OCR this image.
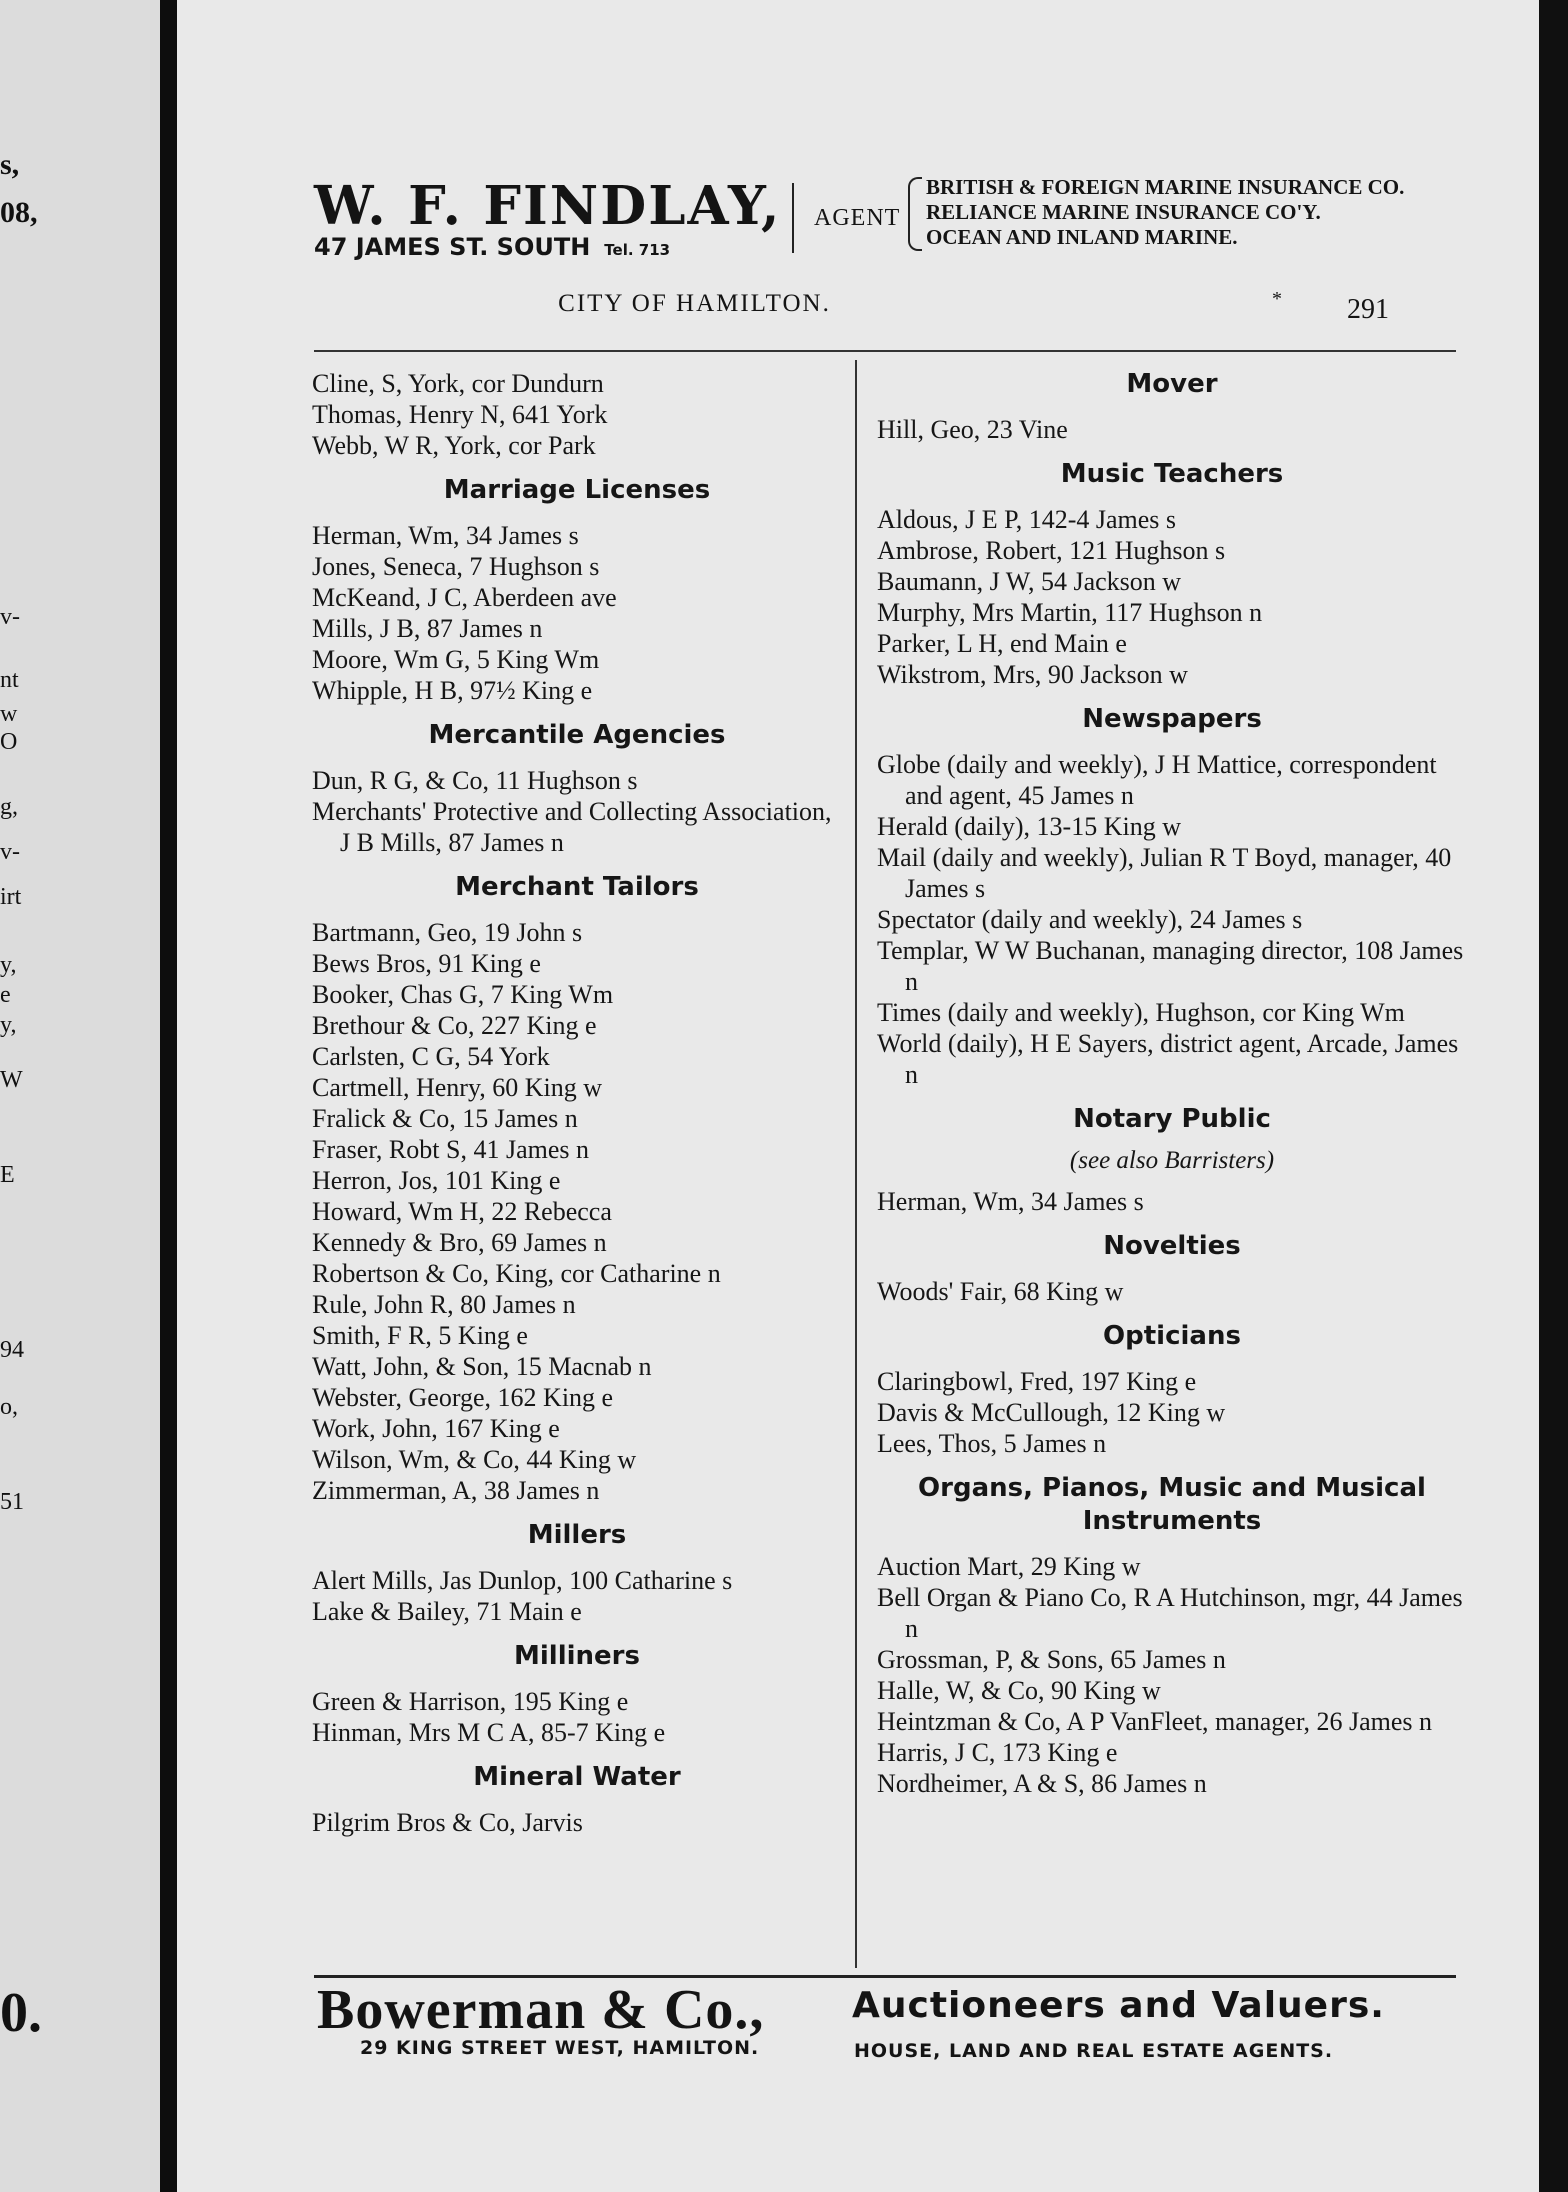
s,
08,
v-
nt
w
O
g,
v-
irt
y,
e
y,
W
E
94
o,
51
0.
W. F. FINDLAY,
47 JAMES ST. SOUTH Tel. 713
AGENT
BRITISH & FOREIGN MARINE INSURANCE CO.
RELIANCE MARINE INSURANCE CO'Y.
OCEAN AND INLAND MARINE.
CITY OF HAMILTON.	* 291
Cline, S, York, cor Dundurn
Thomas, Henry N, 641 York
Webb, W R, York, cor Park
Marriage Licenses
Herman, Wm, 34 James s
Jones, Seneca, 7 Hughson s
McKeand, J C, Aberdeen ave
Mills, J B, 87 James n
Moore, Wm G, 5 King Wm
Whipple, H B, 97½ King e
Mercantile Agencies
Dun, R G, & Co, 11 Hughson s
Merchants' Protective and Collecting Association, J B Mills, 87 James n
Merchant Tailors
Bartmann, Geo, 19 John s
Bews Bros, 91 King e
Booker, Chas G, 7 King Wm
Brethour & Co, 227 King e
Carlsten, C G, 54 York
Cartmell, Henry, 60 King w
Fralick & Co, 15 James n
Fraser, Robt S, 41 James n
Herron, Jos, 101 King e
Howard, Wm H, 22 Rebecca
Kennedy & Bro, 69 James n
Robertson & Co, King, cor Catharine n
Rule, John R, 80 James n
Smith, F R, 5 King e
Watt, John, & Son, 15 Macnab n
Webster, George, 162 King e
Work, John, 167 King e
Wilson, Wm, & Co, 44 King w
Zimmerman, A, 38 James n
Millers
Alert Mills, Jas Dunlop, 100 Catharine s
Lake & Bailey, 71 Main e
Milliners
Green & Harrison, 195 King e
Hinman, Mrs M C A, 85-7 King e
Mineral Water
Pilgrim Bros & Co, Jarvis
Mover
Hill, Geo, 23 Vine
Music Teachers
Aldous, J E P, 142-4 James s
Ambrose, Robert, 121 Hughson s
Baumann, J W, 54 Jackson w
Murphy, Mrs Martin, 117 Hughson n
Parker, L H, end Main e
Wikstrom, Mrs, 90 Jackson w
Newspapers
Globe (daily and weekly), J H Mattice, correspondent and agent, 45 James n
Herald (daily), 13-15 King w
Mail (daily and weekly), Julian R T Boyd, manager, 40 James s
Spectator (daily and weekly), 24 James s
Templar, W W Buchanan, managing director, 108 James n
Times (daily and weekly), Hughson, cor King Wm
World (daily), H E Sayers, district agent, Arcade, James n
Notary Public
(see also Barristers)
Herman, Wm, 34 James s
Novelties
Woods' Fair, 68 King w
Opticians
Claringbowl, Fred, 197 King e
Davis & McCullough, 12 King w
Lees, Thos, 5 James n
Organs, Pianos, Music and Musical Instruments
Auction Mart, 29 King w
Bell Organ & Piano Co, R A Hutchinson, mgr, 44 James n
Grossman, P, & Sons, 65 James n
Halle, W, & Co, 90 King w
Heintzman & Co, A P VanFleet, manager, 26 James n
Harris, J C, 173 King e
Nordheimer, A & S, 86 James n
Bowerman & Co.,
29 KING STREET WEST, HAMILTON.
Auctioneers and Valuers.
HOUSE, LAND AND REAL ESTATE AGENTS.
